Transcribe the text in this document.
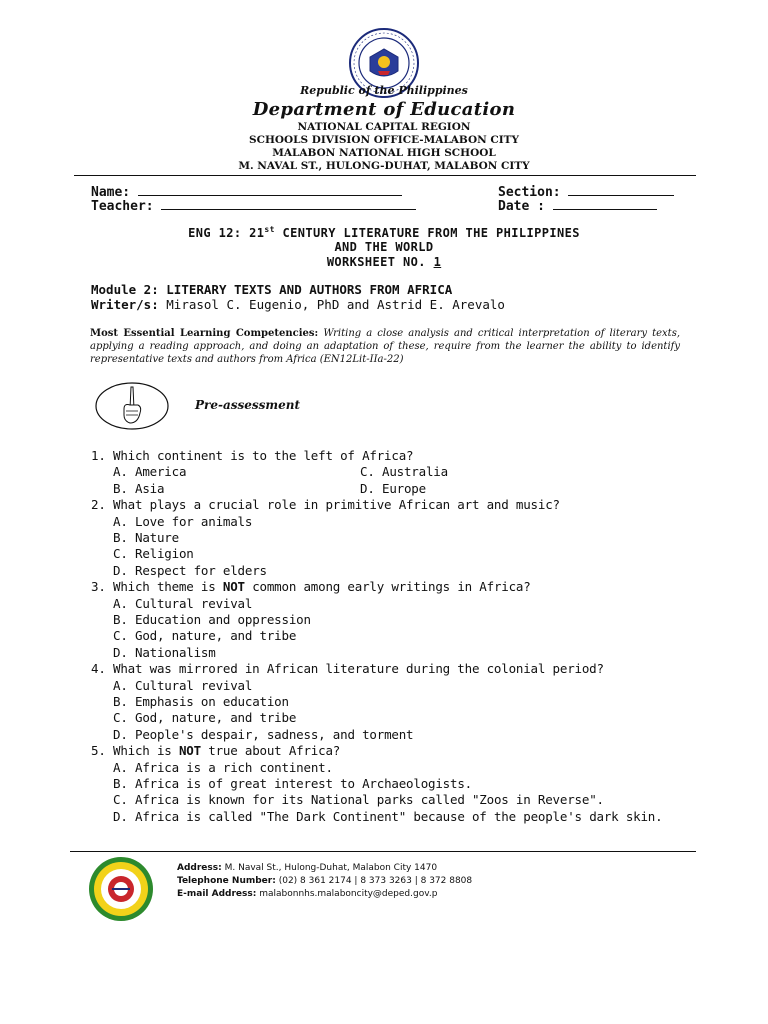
Republic of the Philippines
Department of Education
NATIONAL CAPITAL REGION
SCHOOLS DIVISION OFFICE-MALABON CITY
MALABON NATIONAL HIGH SCHOOL
M. NAVAL ST., HULONG-DUHAT, MALABON CITY
Name:
Teacher:
Section:
Date :
ENG 12: 21st CENTURY LITERATURE FROM THE PHILIPPINES
AND THE WORLD
WORKSHEET NO. 1
Module 2: LITERARY TEXTS AND AUTHORS FROM AFRICA
Writer/s: Mirasol C. Eugenio, PhD and Astrid E. Arevalo
Most Essential Learning Competencies: Writing a close analysis and critical interpretation of literary texts, applying a reading approach, and doing an adaptation of these, require from the learner the ability to identify representative texts and authors from Africa (EN12Lit-IIa-22)
Pre-assessment
1. Which continent is to the left of Africa?
A. America
B. Asia
C. Australia
D. Europe
2. What plays a crucial role in primitive African art and music?
A. Love for animals
B. Nature
C. Religion
D. Respect for elders
3. Which theme is NOT common among early writings in Africa?
A. Cultural revival
B. Education and oppression
C. God, nature, and tribe
D. Nationalism
4. What was mirrored in African literature during the colonial period?
A. Cultural revival
B. Emphasis on education
C. God, nature, and tribe
D. People's despair, sadness, and torment
5. Which is NOT true about Africa?
A. Africa is a rich continent.
B. Africa is of great interest to Archaeologists.
C. Africa is known for its National parks called "Zoos in Reverse".
D. Africa is called "The Dark Continent" because of the people's dark skin.
Address: M. Naval St., Hulong-Duhat, Malabon City 1470
Telephone Number: (02) 8 361 2174 | 8 373 3263 | 8 372 8808
E-mail Address: malabonnhs.malaboncity@deped.gov.p
